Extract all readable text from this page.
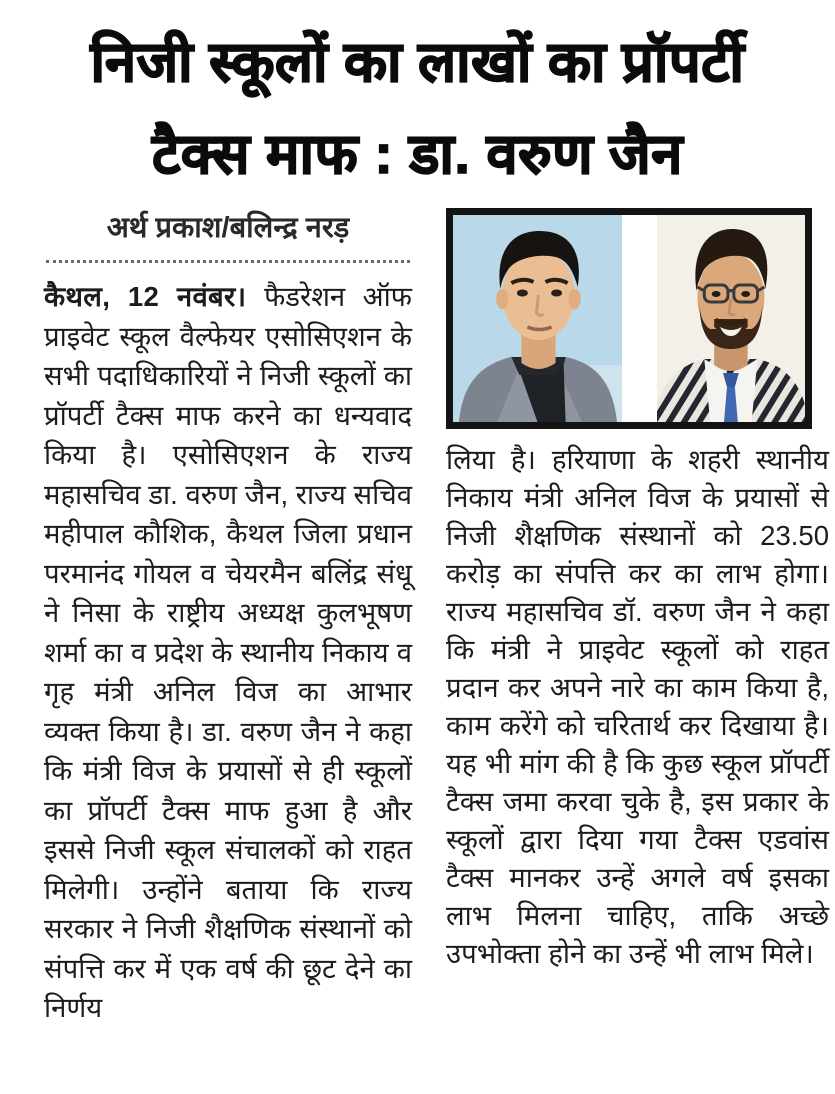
निजी स्कूलों का लाखों का प्रॉपर्टी
टैक्स माफ : डा. वरुण जैन
अर्थ प्रकाश/बलिन्द्र नरड़

कैथल, 12 नवंबर। फैडरेशन ऑफ प्राइवेट स्कूल वैल्फेयर एसोसिएशन के सभी पदाधिकारियों ने निजी स्कूलों का प्रॉपर्टी टैक्स माफ करने का धन्यवाद किया है। एसोसिएशन के राज्य महासचिव डा. वरुण जैन, राज्य सचिव महीपाल कौशिक, कैथल जिला प्रधान परमानंद गोयल व चेयरमैन बलिंद्र संधू ने निसा के राष्ट्रीय अध्यक्ष कुलभूषण शर्मा का व प्रदेश के स्थानीय निकाय व गृह मंत्री अनिल विज का आभार व्यक्त किया है। डा. वरुण जैन ने कहा कि मंत्री विज के प्रयासों से ही स्कूलों का प्रॉपर्टी टैक्स माफ हुआ है और इससे निजी स्कूल संचालकों को राहत मिलेगी। उन्होंने बताया कि राज्य सरकार ने निजी शैक्षणिक संस्थानों को संपत्ति कर में एक वर्ष की छूट देने का निर्णय

लिया है। हरियाणा के शहरी स्थानीय निकाय मंत्री अनिल विज के प्रयासों से निजी शैक्षणिक संस्थानों को 23.50 करोड़ का संपत्ति कर का लाभ होगा। राज्य महासचिव डॉ. वरुण जैन ने कहा कि मंत्री ने प्राइवेट स्कूलों को राहत प्रदान कर अपने नारे का काम किया है, काम करेंगे को चरितार्थ कर दिखाया है। यह भी मांग की है कि कुछ स्कूल प्रॉपर्टी टैक्स जमा करवा चुके है, इस प्रकार के स्कूलों द्वारा दिया गया टैक्स एडवांस टैक्स मानकर उन्हें अगले वर्ष इसका लाभ मिलना चाहिए, ताकि अच्छे उपभोक्ता होने का उन्हें भी लाभ मिले।
